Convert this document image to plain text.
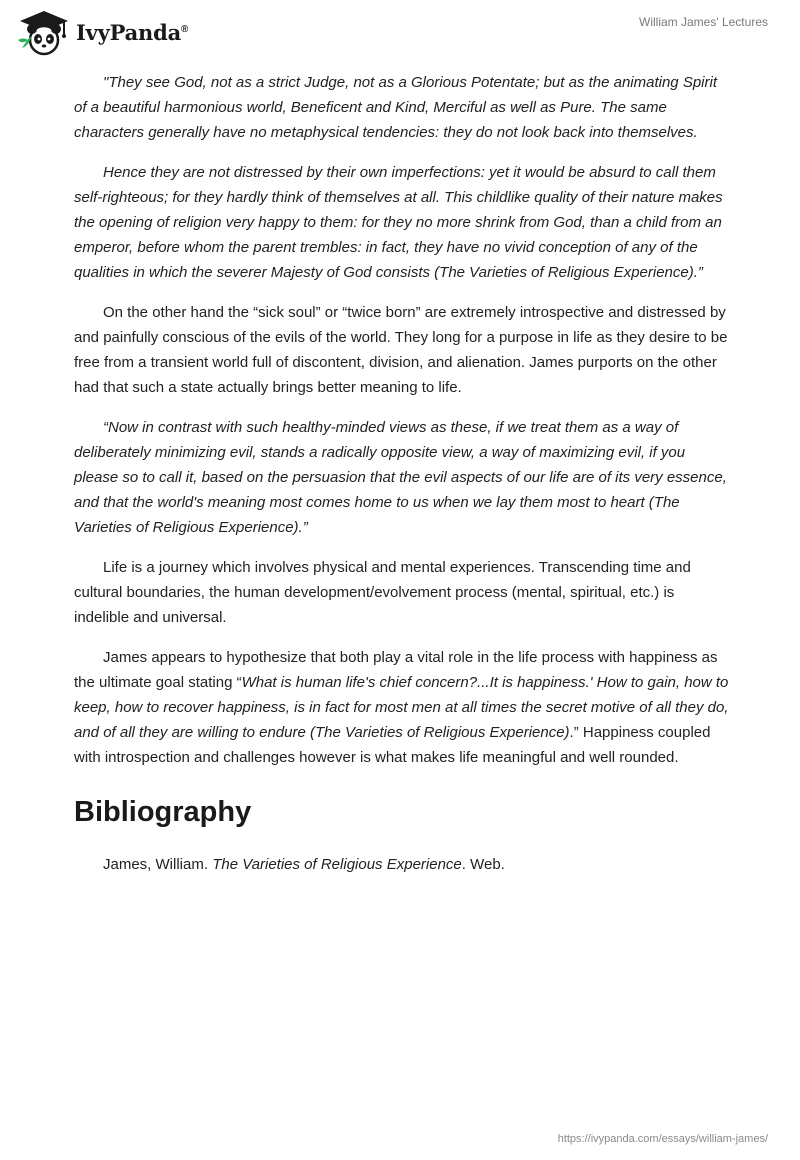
IvyPanda®	William James' Lectures

"They see God, not as a strict Judge, not as a Glorious Potentate; but as the animating Spirit of a beautiful harmonious world, Beneficent and Kind, Merciful as well as Pure. The same characters generally have no metaphysical tendencies: they do not look back into themselves.

Hence they are not distressed by their own imperfections: yet it would be absurd to call them self-righteous; for they hardly think of themselves at all. This childlike quality of their nature makes the opening of religion very happy to them: for they no more shrink from God, than a child from an emperor, before whom the parent trembles: in fact, they have no vivid conception of any of the qualities in which the severer Majesty of God consists (The Varieties of Religious Experience).”

On the other hand the “sick soul” or “twice born” are extremely introspective and distressed by and painfully conscious of the evils of the world. They long for a purpose in life as they desire to be free from a transient world full of discontent, division, and alienation. James purports on the other had that such a state actually brings better meaning to life.

“Now in contrast with such healthy-minded views as these, if we treat them as a way of deliberately minimizing evil, stands a radically opposite view, a way of maximizing evil, if you please so to call it, based on the persuasion that the evil aspects of our life are of its very essence, and that the world's meaning most comes home to us when we lay them most to heart (The Varieties of Religious Experience).”

Life is a journey which involves physical and mental experiences. Transcending time and cultural boundaries, the human development/evolvement process (mental, spiritual, etc.) is indelible and universal.

James appears to hypothesize that both play a vital role in the life process with happiness as the ultimate goal stating “What is human life's chief concern?...It is happiness.' How to gain, how to keep, how to recover happiness, is in fact for most men at all times the secret motive of all they do, and of all they are willing to endure (The Varieties of Religious Experience).” Happiness coupled with introspection and challenges however is what makes life meaningful and well rounded.

Bibliography

James, William. The Varieties of Religious Experience. Web.

https://ivypanda.com/essays/william-james/
